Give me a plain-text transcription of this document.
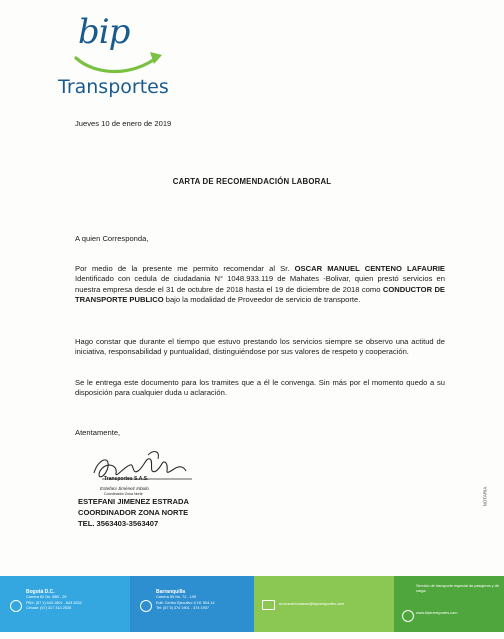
bip
Transportes
Jueves 10 de enero de 2019
CARTA DE RECOMENDACIÓN LABORAL
A quien Corresponda,
Por medio de la presente me permito recomendar al Sr. OSCAR MANUEL CENTENO LAFAURIE Identificado con cedula de ciudadania N° 1048.933.119 de Mahates -Bolivar, quien prestó servicios en nuestra empresa desde el 31 de octubre de 2018 hasta el 19 de diciembre de 2018 como CONDUCTOR DE TRANSPORTE PUBLICO bajo la modalidad de Proveedor de servicio de transporte.
Hago constar que durante el tiempo que estuvo prestando los servicios siempre se observo una actitud de iniciativa, responsabilidad y puntualidad, distinguiéndose por sus valores de respeto y cooperación.
Se le entrega este documento para los tramites que a él le convenga. Sin más por el momento quedo a su disposición para cualquier duda u aclaración.
Atentamente,
Transportes S.A.S.
Estefani Jiménez Inbolo
Coordinador Zona Norte
ESTEFANI JIMENEZ ESTRADA
COORDINADOR ZONA NORTE
TEL. 3563403-3563407
NOTARIA
Bogotá D.C.
Carrera 62 No. 98B - 25
PBX: (57 1) 643 1801 - 643 2832
Celular: (57) 317 313 2535
Barranquilla
Carrera 55 No. 72 - 109
Edif. Centro Ejecutivo II Of. 504-14
Tel: (57 5) 374 1901 - 374 1907
recursoshumanos@bipransportes.com
Servicio de transporte especial de pasajeros y de carga.
www.biptransportes.com
